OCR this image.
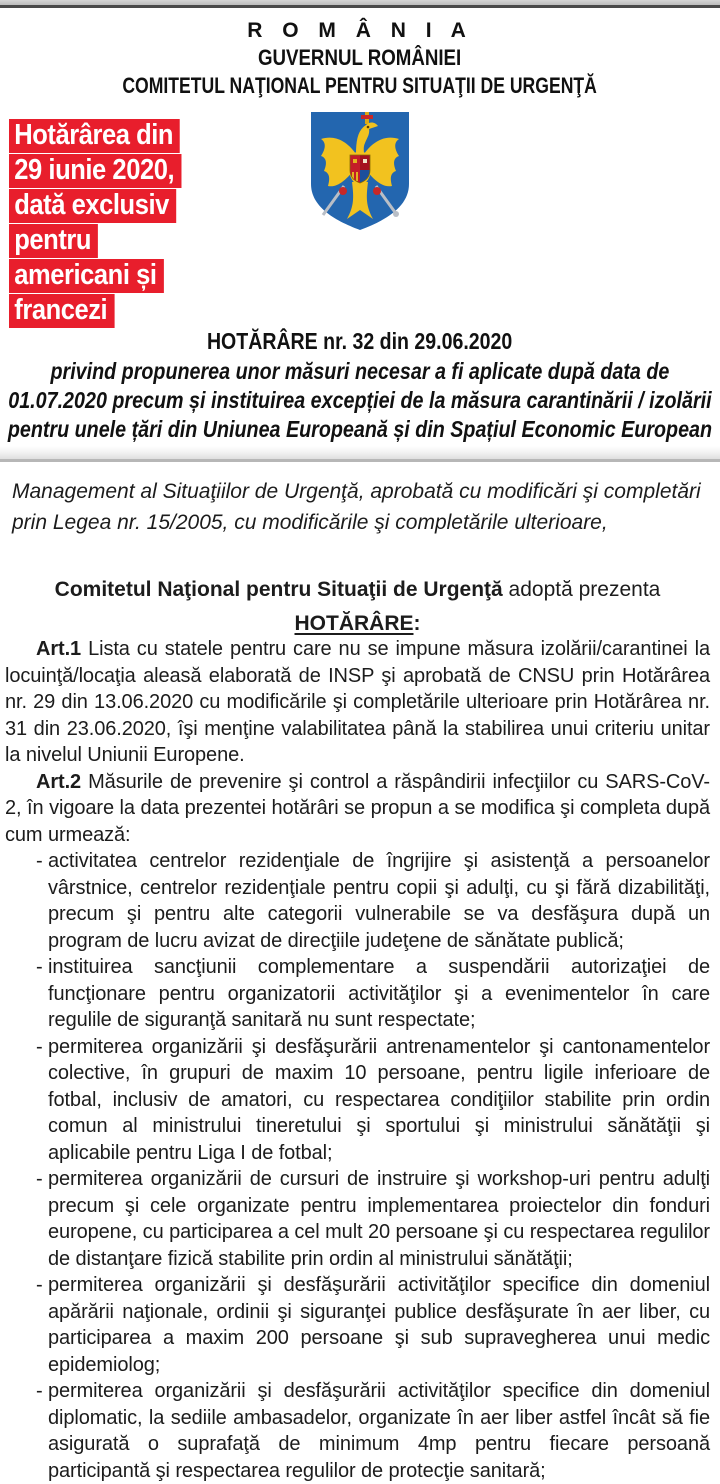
R O M Â N I A
GUVERNUL ROMÂNIEI
COMITETUL NAŢIONAL PENTRU SITUAŢII DE URGENŢĂ
Hotărârea din
29 iunie 2020,
dată exclusiv
pentru
americani și
francezi
HOTĂRÂRE nr. 32 din 29.06.2020
privind propunerea unor măsuri necesar a fi aplicate după data de 01.07.2020 precum și instituirea excepției de la măsura carantinării / izolării pentru unele țări din Uniunea Europeană și din Spațiul Economic European

Management al Situaţiilor de Urgenţă, aprobată cu modificări şi completări prin Legea nr. 15/2005, cu modificările şi completările ulterioare,

Comitetul Naţional pentru Situaţii de Urgenţă adoptă prezenta

HOTĂRÂRE:

Art.1 Lista cu statele pentru care nu se impune măsura izolării/carantinei la locuinţă/locaţia aleasă elaborată de INSP şi aprobată de CNSU prin Hotărârea nr. 29 din 13.06.2020 cu modificările şi completările ulterioare prin Hotărârea nr. 31 din 23.06.2020, îşi menţine valabilitatea până la stabilirea unui criteriu unitar la nivelul Uniunii Europene.

Art.2 Măsurile de prevenire şi control a răspândirii infecţiilor cu SARS-CoV-2, în vigoare la data prezentei hotărâri se propun a se modifica şi completa după cum urmează:

- activitatea centrelor rezidenţiale de îngrijire şi asistenţă a persoanelor vârstnice, centrelor rezidenţiale pentru copii şi adulţi, cu şi fără dizabilităţi, precum şi pentru alte categorii vulnerabile se va desfăşura după un program de lucru avizat de direcţiile judeţene de sănătate publică;
- instituirea sancţiunii complementare a suspendării autorizaţiei de funcţionare pentru organizatorii activităţilor şi a evenimentelor în care regulile de siguranţă sanitară nu sunt respectate;
- permiterea organizării şi desfăşurării antrenamentelor şi cantonamentelor colective, în grupuri de maxim 10 persoane, pentru ligile inferioare de fotbal, inclusiv de amatori, cu respectarea condiţiilor stabilite prin ordin comun al ministrului tineretului şi sportului şi ministrului sănătăţii şi aplicabile pentru Liga I de fotbal;
- permiterea organizării de cursuri de instruire şi workshop-uri pentru adulţi precum şi cele organizate pentru implementarea proiectelor din fonduri europene, cu participarea a cel mult 20 persoane şi cu respectarea regulilor de distanţare fizică stabilite prin ordin al ministrului sănătăţii;
- permiterea organizării şi desfăşurării activităţilor specifice din domeniul apărării naţionale, ordinii şi siguranţei publice desfăşurate în aer liber, cu participarea a maxim 200 persoane şi sub supravegherea unui medic epidemiolog;
- permiterea organizării şi desfăşurării activităţilor specifice din domeniul diplomatic, la sediile ambasadelor, organizate în aer liber astfel încât să fie asigurată o suprafaţă de minimum 4mp pentru fiecare persoană participantă şi respectarea regulilor de protecţie sanitară;
